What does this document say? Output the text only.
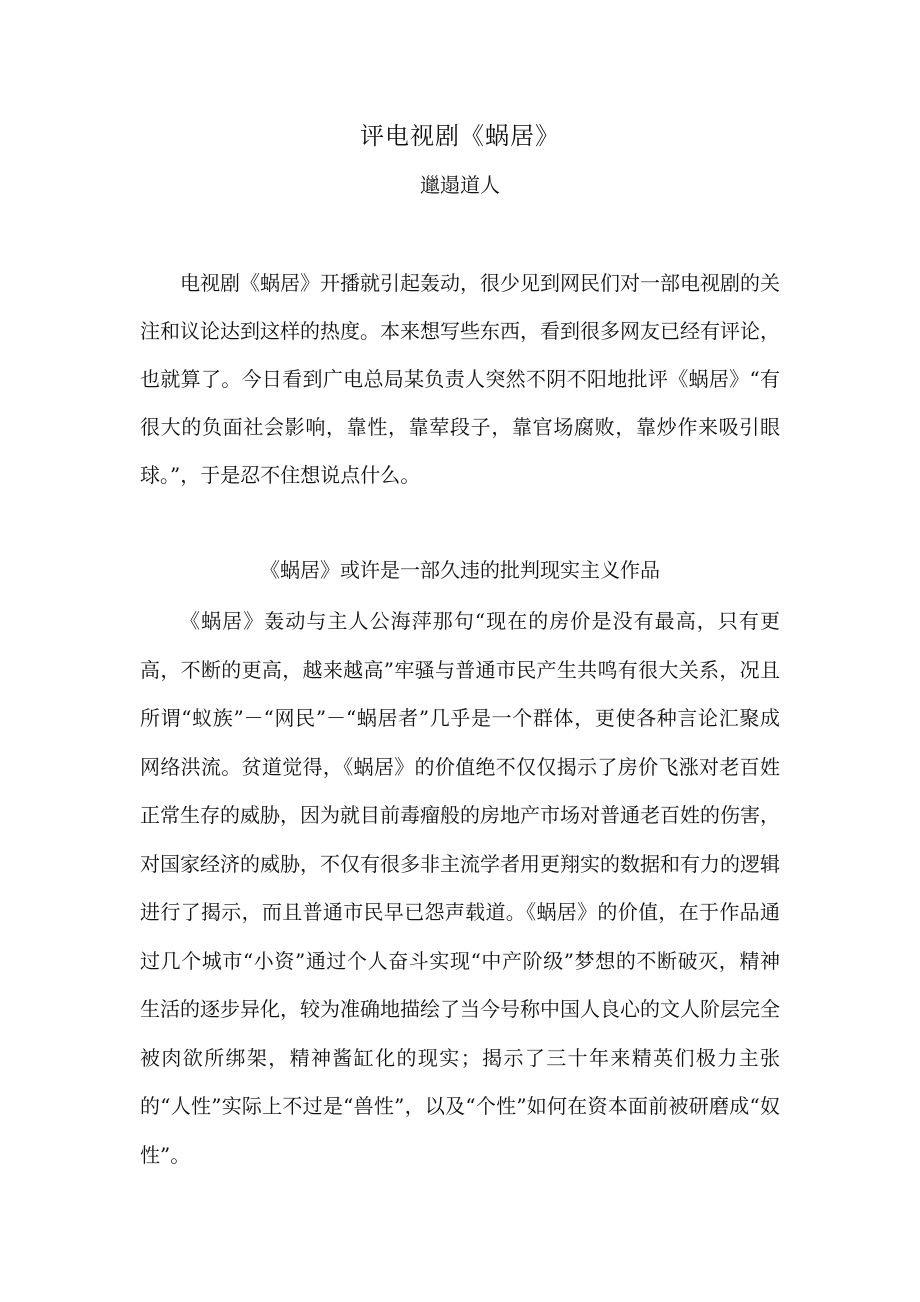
评电视剧《蜗居》
邋遢道人

电视剧《蜗居》开播就引起轰动，很少见到网民们对一部电视剧的关注和议论达到这样的热度。本来想写些东西，看到很多网友已经有评论，也就算了。今日看到广电总局某负责人突然不阴不阳地批评《蜗居》“有很大的负面社会影响，靠性，靠荤段子，靠官场腐败，靠炒作来吸引眼球。”，于是忍不住想说点什么。

《蜗居》或许是一部久违的批判现实主义作品

《蜗居》轰动与主人公海萍那句“现在的房价是没有最高，只有更高，不断的更高，越来越高”牢骚与普通市民产生共鸣有很大关系，况且所谓“蚁族”－“网民”－“蜗居者”几乎是一个群体，更使各种言论汇聚成网络洪流。贫道觉得，《蜗居》的价值绝不仅仅揭示了房价飞涨对老百姓正常生存的威胁，因为就目前毒瘤般的房地产市场对普通老百姓的伤害，对国家经济的威胁，不仅有很多非主流学者用更翔实的数据和有力的逻辑进行了揭示，而且普通市民早已怨声载道。《蜗居》的价值，在于作品通过几个城市“小资”通过个人奋斗实现“中产阶级”梦想的不断破灭，精神生活的逐步异化，较为准确地描绘了当今号称中国人良心的文人阶层完全被肉欲所绑架，精神酱缸化的现实；揭示了三十年来精英们极力主张的“人性”实际上不过是“兽性”，以及“个性”如何在资本面前被研磨成“奴性”。
